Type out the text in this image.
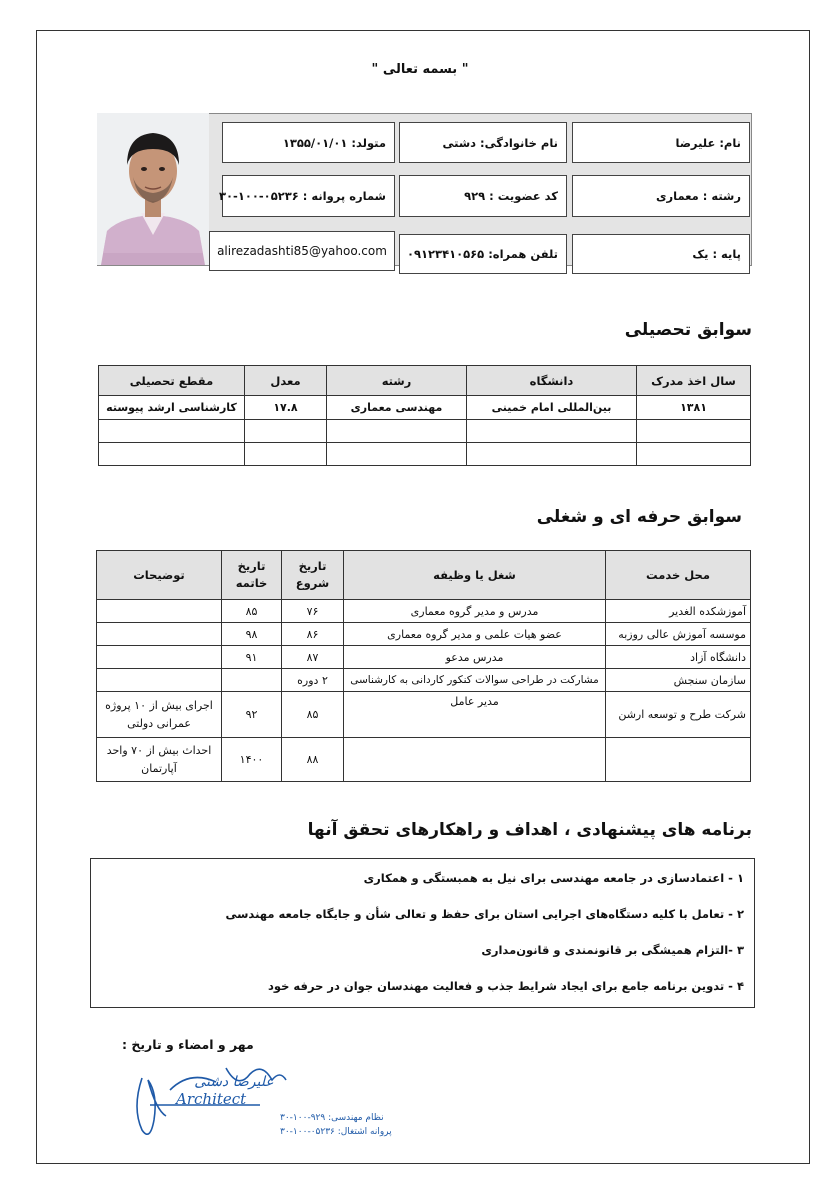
" بسمه تعالی "
نام: علیرضا
نام خانوادگی: دشتی
متولد: ۱۳۵۵/۰۱/۰۱
رشته : معماری
کد عضویت : ۹۲۹
شماره پروانه : ۰۵۲۳۶-۱۰۰-۳۰
پایه : یک
تلفن همراه: ۰۹۱۲۳۴۱۰۵۶۵
alirezadashti85@yahoo.com
سوابق تحصیلی
سال اخذ مدرک	دانشگاه	رشته	معدل	مقطع تحصیلی
۱۳۸۱	بین‌المللی امام خمینی	مهندسی معماری	۱۷.۸	کارشناسی ارشد پیوسته

سوابق حرفه ای و شغلی
محل خدمت	شغل یا وظیفه	تاریخ شروع	تاریخ خاتمه	توضیحات
آموزشکده الغدیر	مدرس و مدیر گروه معماری	۷۶	۸۵	
موسسه آموزش عالی روزبه	عضو هیات علمی و مدیر گروه معماری	۸۶	۹۸	
دانشگاه آزاد	مدرس مدعو	۸۷	۹۱	
سازمان سنجش	مشارکت در طراحی سوالات کنکور کاردانی به کارشناسی	۲ دوره		
شرکت طرح و توسعه ارشن	مدیر عامل	۸۵	۹۲	اجرای بیش از ۱۰ پروژه عمرانی دولتی
		۸۸	۱۴۰۰	احداث بیش از ۷۰ واحد آپارتمان
برنامه های پیشنهادی ، اهداف و راهکارهای تحقق آنها
۱ - اعتمادسازی در جامعه مهندسی برای نیل به همبستگی و همکاری
۲ - تعامل با کلیه دستگاه‌های اجرایی استان برای حفظ و تعالی شأن و جایگاه جامعه مهندسی
۳ -التزام همیشگی بر قانونمندی و قانون‌مداری
۴ - تدوین برنامه جامع برای ایجاد شرایط جذب و فعالیت مهندسان جوان در حرفه خود
مهر و امضاء و تاریخ :
علیرضا دشتی
Architect
نظام مهندسی: ۹۲۹-۱۰۰-۳۰
پروانه اشتغال: ۰۵۲۳۶-۱۰۰-۳۰
